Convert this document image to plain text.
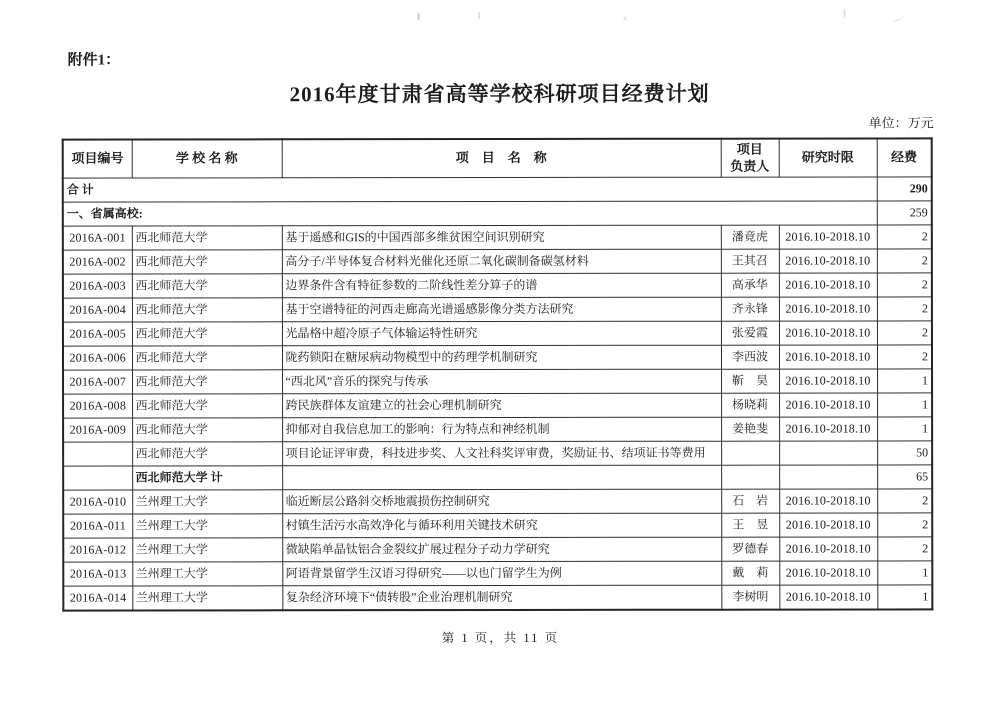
附件1：
2016年度甘肃省高等学校科研项目经费计划
单位：万元
项目编号	学 校 名 称	项　目　名　称	项目
负责人	研究时限	经费
合 计					290
一、省属高校:					259
2016A-001	西北师范大学	基于遥感和GIS的中国西部多维贫困空间识别研究	潘竟虎	2016.10-2018.10	2
2016A-002	西北师范大学	高分子/半导体复合材料光催化还原二氧化碳制备碳氢材料	王其召	2016.10-2018.10	2
2016A-003	西北师范大学	边界条件含有特征参数的二阶线性差分算子的谱	高承华	2016.10-2018.10	2
2016A-004	西北师范大学	基于空谱特征的河西走廊高光谱遥感影像分类方法研究	齐永锋	2016.10-2018.10	2
2016A-005	西北师范大学	光晶格中超冷原子气体输运特性研究	张爱霞	2016.10-2018.10	2
2016A-006	西北师范大学	陇药锁阳在糖尿病动物模型中的药理学机制研究	李西波	2016.10-2018.10	2
2016A-007	西北师范大学	“西北风”音乐的探究与传承	靳　昊	2016.10-2018.10	1
2016A-008	西北师范大学	跨民族群体友谊建立的社会心理机制研究	杨晓莉	2016.10-2018.10	1
2016A-009	西北师范大学	抑郁对自我信息加工的影响：行为特点和神经机制	姜艳斐	2016.10-2018.10	1
	西北师范大学	项目论证评审费，科技进步奖、人文社科奖评审费，奖励证书、结项证书等费用			50
	西北师范大学 计				65
2016A-010	兰州理工大学	临近断层公路斜交桥地震损伤控制研究	石　岩	2016.10-2018.10	2
2016A-011	兰州理工大学	村镇生活污水高效净化与循环利用关键技术研究	王　昱	2016.10-2018.10	2
2016A-012	兰州理工大学	微缺陷单晶钛铝合金裂纹扩展过程分子动力学研究	罗德春	2016.10-2018.10	2
2016A-013	兰州理工大学	阿语背景留学生汉语习得研究——以也门留学生为例	戴　莉	2016.10-2018.10	1
2016A-014	兰州理工大学	复杂经济环境下“债转股”企业治理机制研究	李树明	2016.10-2018.10	1
第 1 页，共 11 页
